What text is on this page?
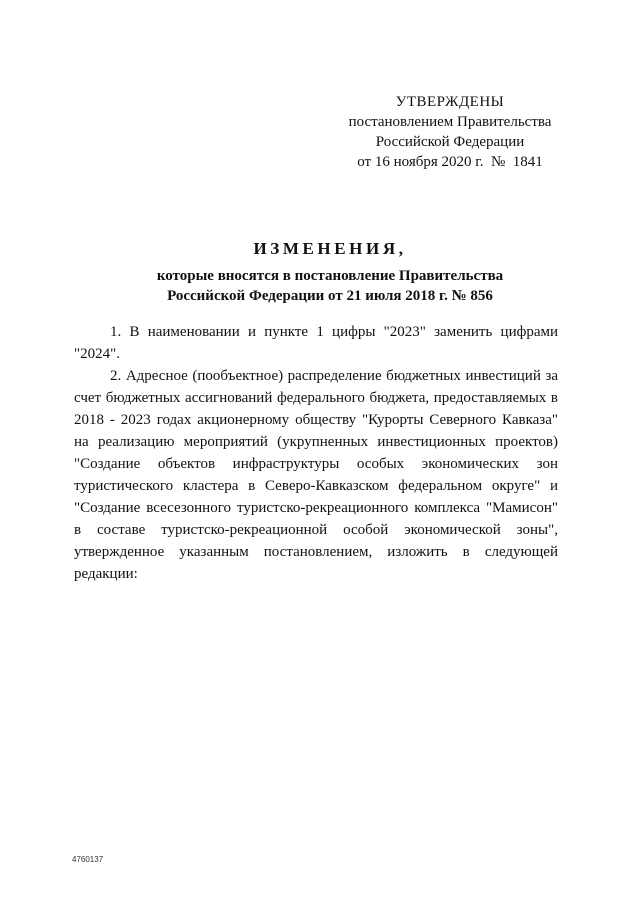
УТВЕРЖДЕНЫ
постановлением Правительства
Российской Федерации
от 16 ноября 2020 г.  №  1841
ИЗМЕНЕНИЯ,
которые вносятся в постановление Правительства
Российской Федерации от 21 июля 2018 г. № 856

1. В наименовании и пункте 1 цифры "2023" заменить цифрами "2024".

2. Адресное (пообъектное) распределение бюджетных инвестиций за счет бюджетных ассигнований федерального бюджета, предоставляемых в 2018 - 2023 годах акционерному обществу "Курорты Северного Кавказа" на реализацию мероприятий (укрупненных инвестиционных проектов) "Создание объектов инфраструктуры особых экономических зон туристического кластера в Северо-Кавказском федеральном округе" и "Создание всесезонного туристско-рекреационного комплекса "Мамисон" в составе туристско-рекреационной особой экономической зоны", утвержденное указанным постановлением, изложить в следующей редакции:

4760137
